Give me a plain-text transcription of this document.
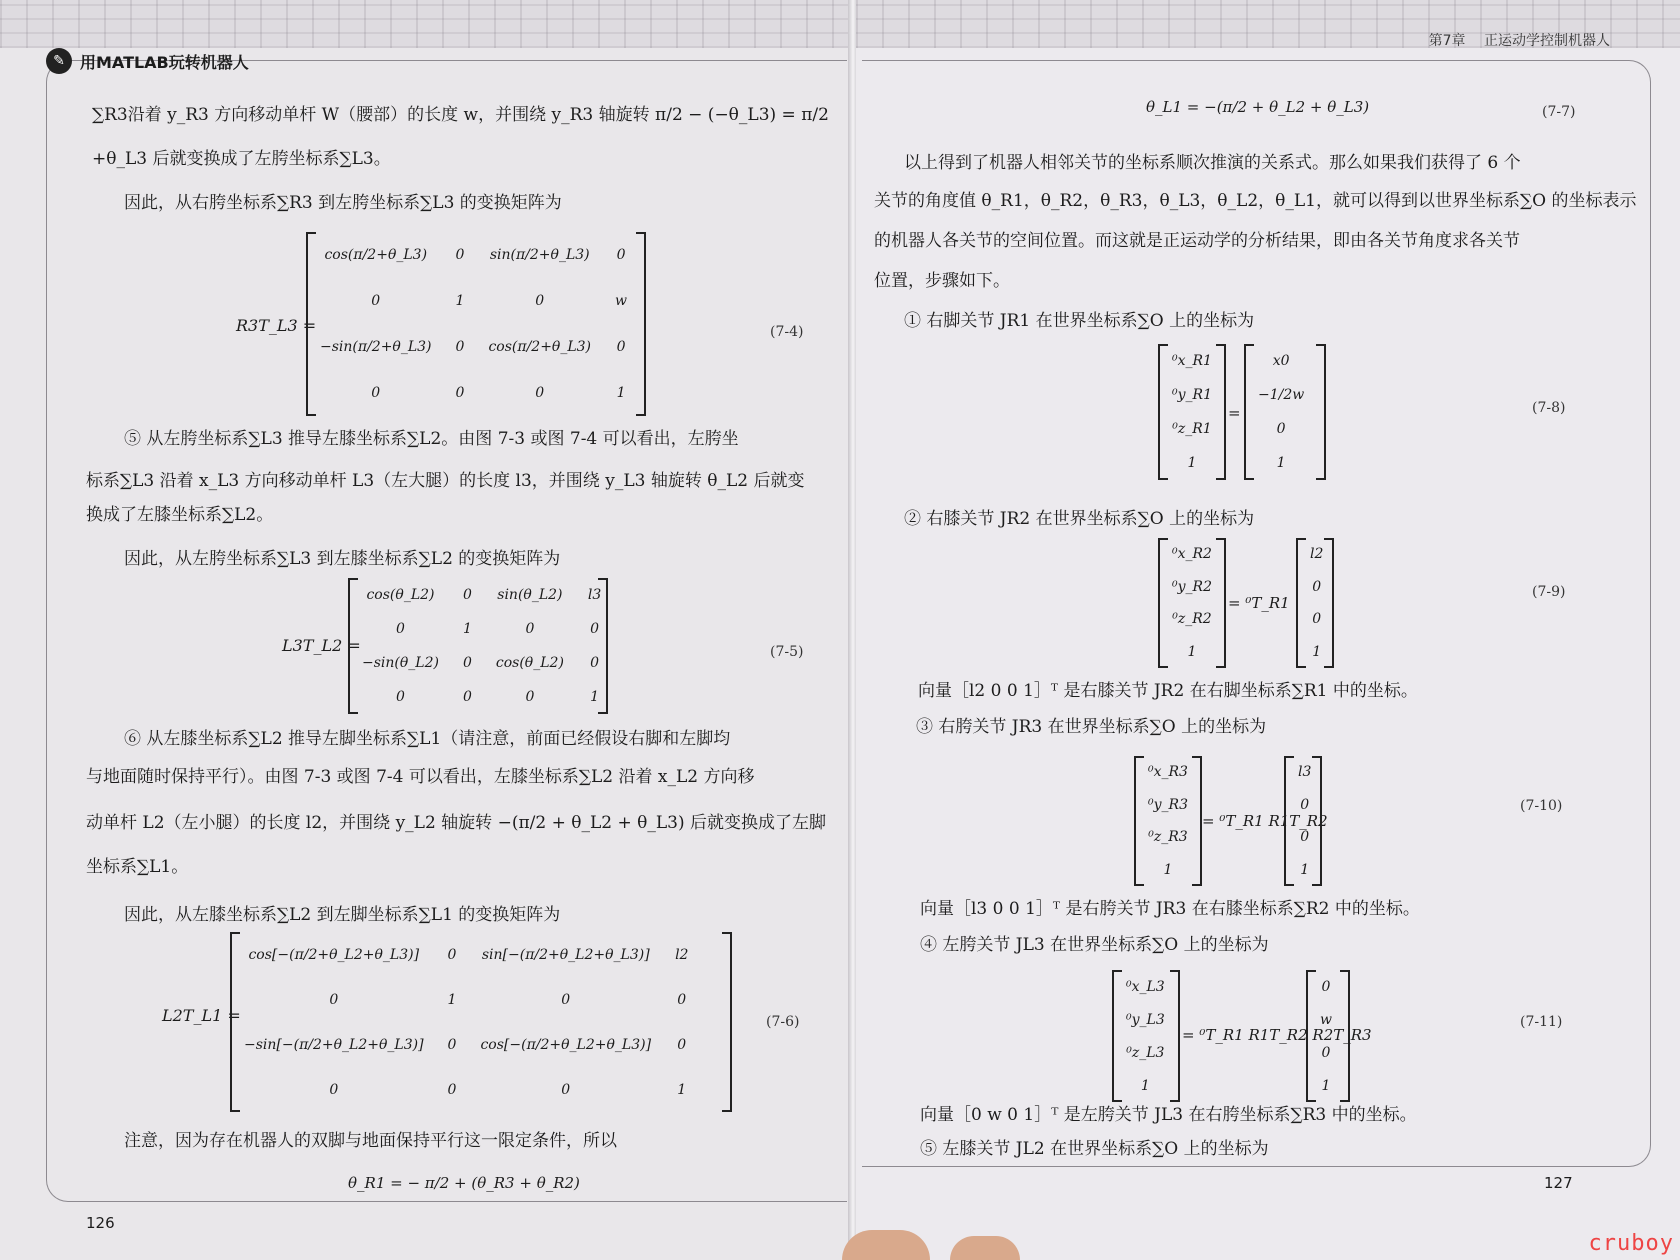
✎ 用MATLAB玩转机器人
∑R3沿着 y_R3 方向移动单杆 W（腰部）的长度 w，并围绕 y_R3 轴旋转 π/2 − (−θ_L3) = π/2
+θ_L3 后就变换成了左胯坐标系∑L3。
因此，从右胯坐标系∑R3 到左胯坐标系∑L3 的变换矩阵为
R3T_L3 =
cos(π/2+θ_L3)	0	sin(π/2+θ_L3)	0
0	1	0	w
−sin(π/2+θ_L3)	0	cos(π/2+θ_L3)	0
0	0	0	1
(7-4)
⑤ 从左胯坐标系∑L3 推导左膝坐标系∑L2。由图 7-3 或图 7-4 可以看出，左胯坐
标系∑L3 沿着 x_L3 方向移动单杆 L3（左大腿）的长度 l3，并围绕 y_L3 轴旋转 θ_L2 后就变
换成了左膝坐标系∑L2。
因此，从左胯坐标系∑L3 到左膝坐标系∑L2 的变换矩阵为
L3T_L2 =
cos(θ_L2)	0	sin(θ_L2)	l3
0	1	0	0
−sin(θ_L2)	0	cos(θ_L2)	0
0	0	0	1
(7-5)
⑥ 从左膝坐标系∑L2 推导左脚坐标系∑L1（请注意，前面已经假设右脚和左脚均
与地面随时保持平行）。由图 7-3 或图 7-4 可以看出，左膝坐标系∑L2 沿着 x_L2 方向移
动单杆 L2（左小腿）的长度 l2，并围绕 y_L2 轴旋转 −(π/2 + θ_L2 + θ_L3) 后就变换成了左脚
坐标系∑L1。
因此，从左膝坐标系∑L2 到左脚坐标系∑L1 的变换矩阵为
L2T_L1 =
cos[−(π/2+θ_L2+θ_L3)]	0	sin[−(π/2+θ_L2+θ_L3)]	l2
0	1	0	0
−sin[−(π/2+θ_L2+θ_L3)]	0	cos[−(π/2+θ_L2+θ_L3)]	0
0	0	0	1
(7-6)
注意，因为存在机器人的双脚与地面保持平行这一限定条件，所以
θ_R1 = − π/2 + (θ_R3 + θ_R2)
126
第7章 正运动学控制机器人
θ_L1 = −(π/2 + θ_L2 + θ_L3)	(7-7)
以上得到了机器人相邻关节的坐标系顺次推演的关系式。那么如果我们获得了 6 个
关节的角度值 θ_R1，θ_R2，θ_R3，θ_L3，θ_L2，θ_L1，就可以得到以世界坐标系∑O 的坐标表示
的机器人各关节的空间位置。而这就是正运动学的分析结果，即由各关节角度求各关节
位置，步骤如下。
① 右脚关节 JR1 在世界坐标系∑O 上的坐标为
⁰x_R1
⁰y_R1
⁰z_R1
1
=
x0
−1/2w
0
1
(7-8)
② 右膝关节 JR2 在世界坐标系∑O 上的坐标为
⁰x_R2
⁰y_R2
⁰z_R2
1
= ⁰T_R1
l2
0
0
1
(7-9)
向量［l2 0 0 1］ᵀ 是右膝关节 JR2 在右脚坐标系∑R1 中的坐标。
③ 右胯关节 JR3 在世界坐标系∑O 上的坐标为
⁰x_R3
⁰y_R3
⁰z_R3
1
= ⁰T_R1 R1T_R2
l3
0
0
1
(7-10)
向量［l3 0 0 1］ᵀ 是右胯关节 JR3 在右膝坐标系∑R2 中的坐标。
④ 左胯关节 JL3 在世界坐标系∑O 上的坐标为
⁰x_L3
⁰y_L3
⁰z_L3
1
= ⁰T_R1 R1T_R2 R2T_R3
0
w
0
1
(7-11)
向量［0 w 0 1］ᵀ 是左胯关节 JL3 在右胯坐标系∑R3 中的坐标。
⑤ 左膝关节 JL2 在世界坐标系∑O 上的坐标为
127
cruboy
